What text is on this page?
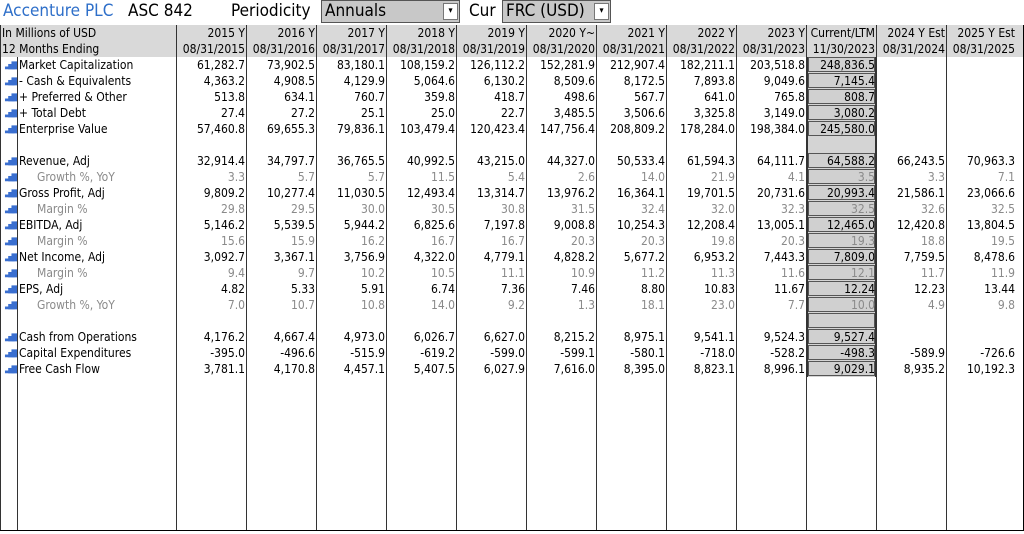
Accenture PLC ASC 842 Periodicity Annuals	▾ Cur FRC (USD)	▾
In Millions of USD	2015 Y	2016 Y	2017 Y	2018 Y	2019 Y	2020 Y~	2021 Y	2022 Y	2023 Y Current/LTM	2024 Y Est	2025 Y Est
12 Months Ending	08/31/2015 08/31/2016 08/31/2017 08/31/2018 08/31/2019 08/31/2020 08/31/2021 08/31/2022 08/31/2023 11/30/2023 08/31/2024 08/31/2025
▂▄▆ Market Capitalization	61,282.7	73,902.5	83,180.1	108,159.2	126,112.2	152,281.9	212,907.4	182,211.1	203,518.8	248,836.5
▂▄▆ - Cash & Equivalents	4,363.2	4,908.5	4,129.9	5,064.6	6,130.2	8,509.6	8,172.5	7,893.8	9,049.6	7,145.4
▂▄▆ + Preferred & Other	513.8	634.1	760.7	359.8	418.7	498.6	567.7	641.0	765.8	808.7
▂▄▆ + Total Debt	27.4	27.2	25.1	25.0	22.7	3,485.5	3,506.6	3,325.8	3,149.0	3,080.2
▂▄▆ Enterprise Value	57,460.8	69,655.3	79,836.1	103,479.4	120,423.4	147,756.4	208,809.2	178,284.0	198,384.0	245,580.0
▂▄▆ Revenue, Adj	32,914.4	34,797.7	36,765.5	40,992.5	43,215.0	44,327.0	50,533.4	61,594.3	64,111.7	64,588.2	66,243.5	70,963.3
▂▄▆ Growth %, YoY	3.3	5.7	5.7	11.5	5.4	2.6	14.0	21.9	4.1	3.5	3.3	7.1
▂▄▆ Gross Profit, Adj	9,809.2	10,277.4	11,030.5	12,493.4	13,314.7	13,976.2	16,364.1	19,701.5	20,731.6	20,993.4	21,586.1	23,066.6
▂▄▆ Margin %	29.8	29.5	30.0	30.5	30.8	31.5	32.4	32.0	32.3	32.5	32.6	32.5
▂▄▆ EBITDA, Adj	5,146.2	5,539.5	5,944.2	6,825.6	7,197.8	9,008.8	10,254.3	12,208.4	13,005.1	12,465.0	12,420.8	13,804.5
▂▄▆ Margin %	15.6	15.9	16.2	16.7	16.7	20.3	20.3	19.8	20.3	19.3	18.8	19.5
▂▄▆ Net Income, Adj	3,092.7	3,367.1	3,756.9	4,322.0	4,779.1	4,828.2	5,677.2	6,953.2	7,443.3	7,809.0	7,759.5	8,478.6
▂▄▆ Margin %	9.4	9.7	10.2	10.5	11.1	10.9	11.2	11.3	11.6	12.1	11.7	11.9
▂▄▆ EPS, Adj	4.82	5.33	5.91	6.74	7.36	7.46	8.80	10.83	11.67	12.24	12.23	13.44
▂▄▆ Growth %, YoY	7.0	10.7	10.8	14.0	9.2	1.3	18.1	23.0	7.7	10.0	4.9	9.8
▂▄▆ Cash from Operations	4,176.2	4,667.4	4,973.0	6,026.7	6,627.0	8,215.2	8,975.1	9,541.1	9,524.3	9,527.4
▂▄▆ Capital Expenditures	-395.0	-496.6	-515.9	-619.2	-599.0	-599.1	-580.1	-718.0	-528.2	-498.3	-589.9	-726.6
▂▄▆ Free Cash Flow	3,781.1	4,170.8	4,457.1	5,407.5	6,027.9	7,616.0	8,395.0	8,823.1	8,996.1	9,029.1	8,935.2	10,192.3
